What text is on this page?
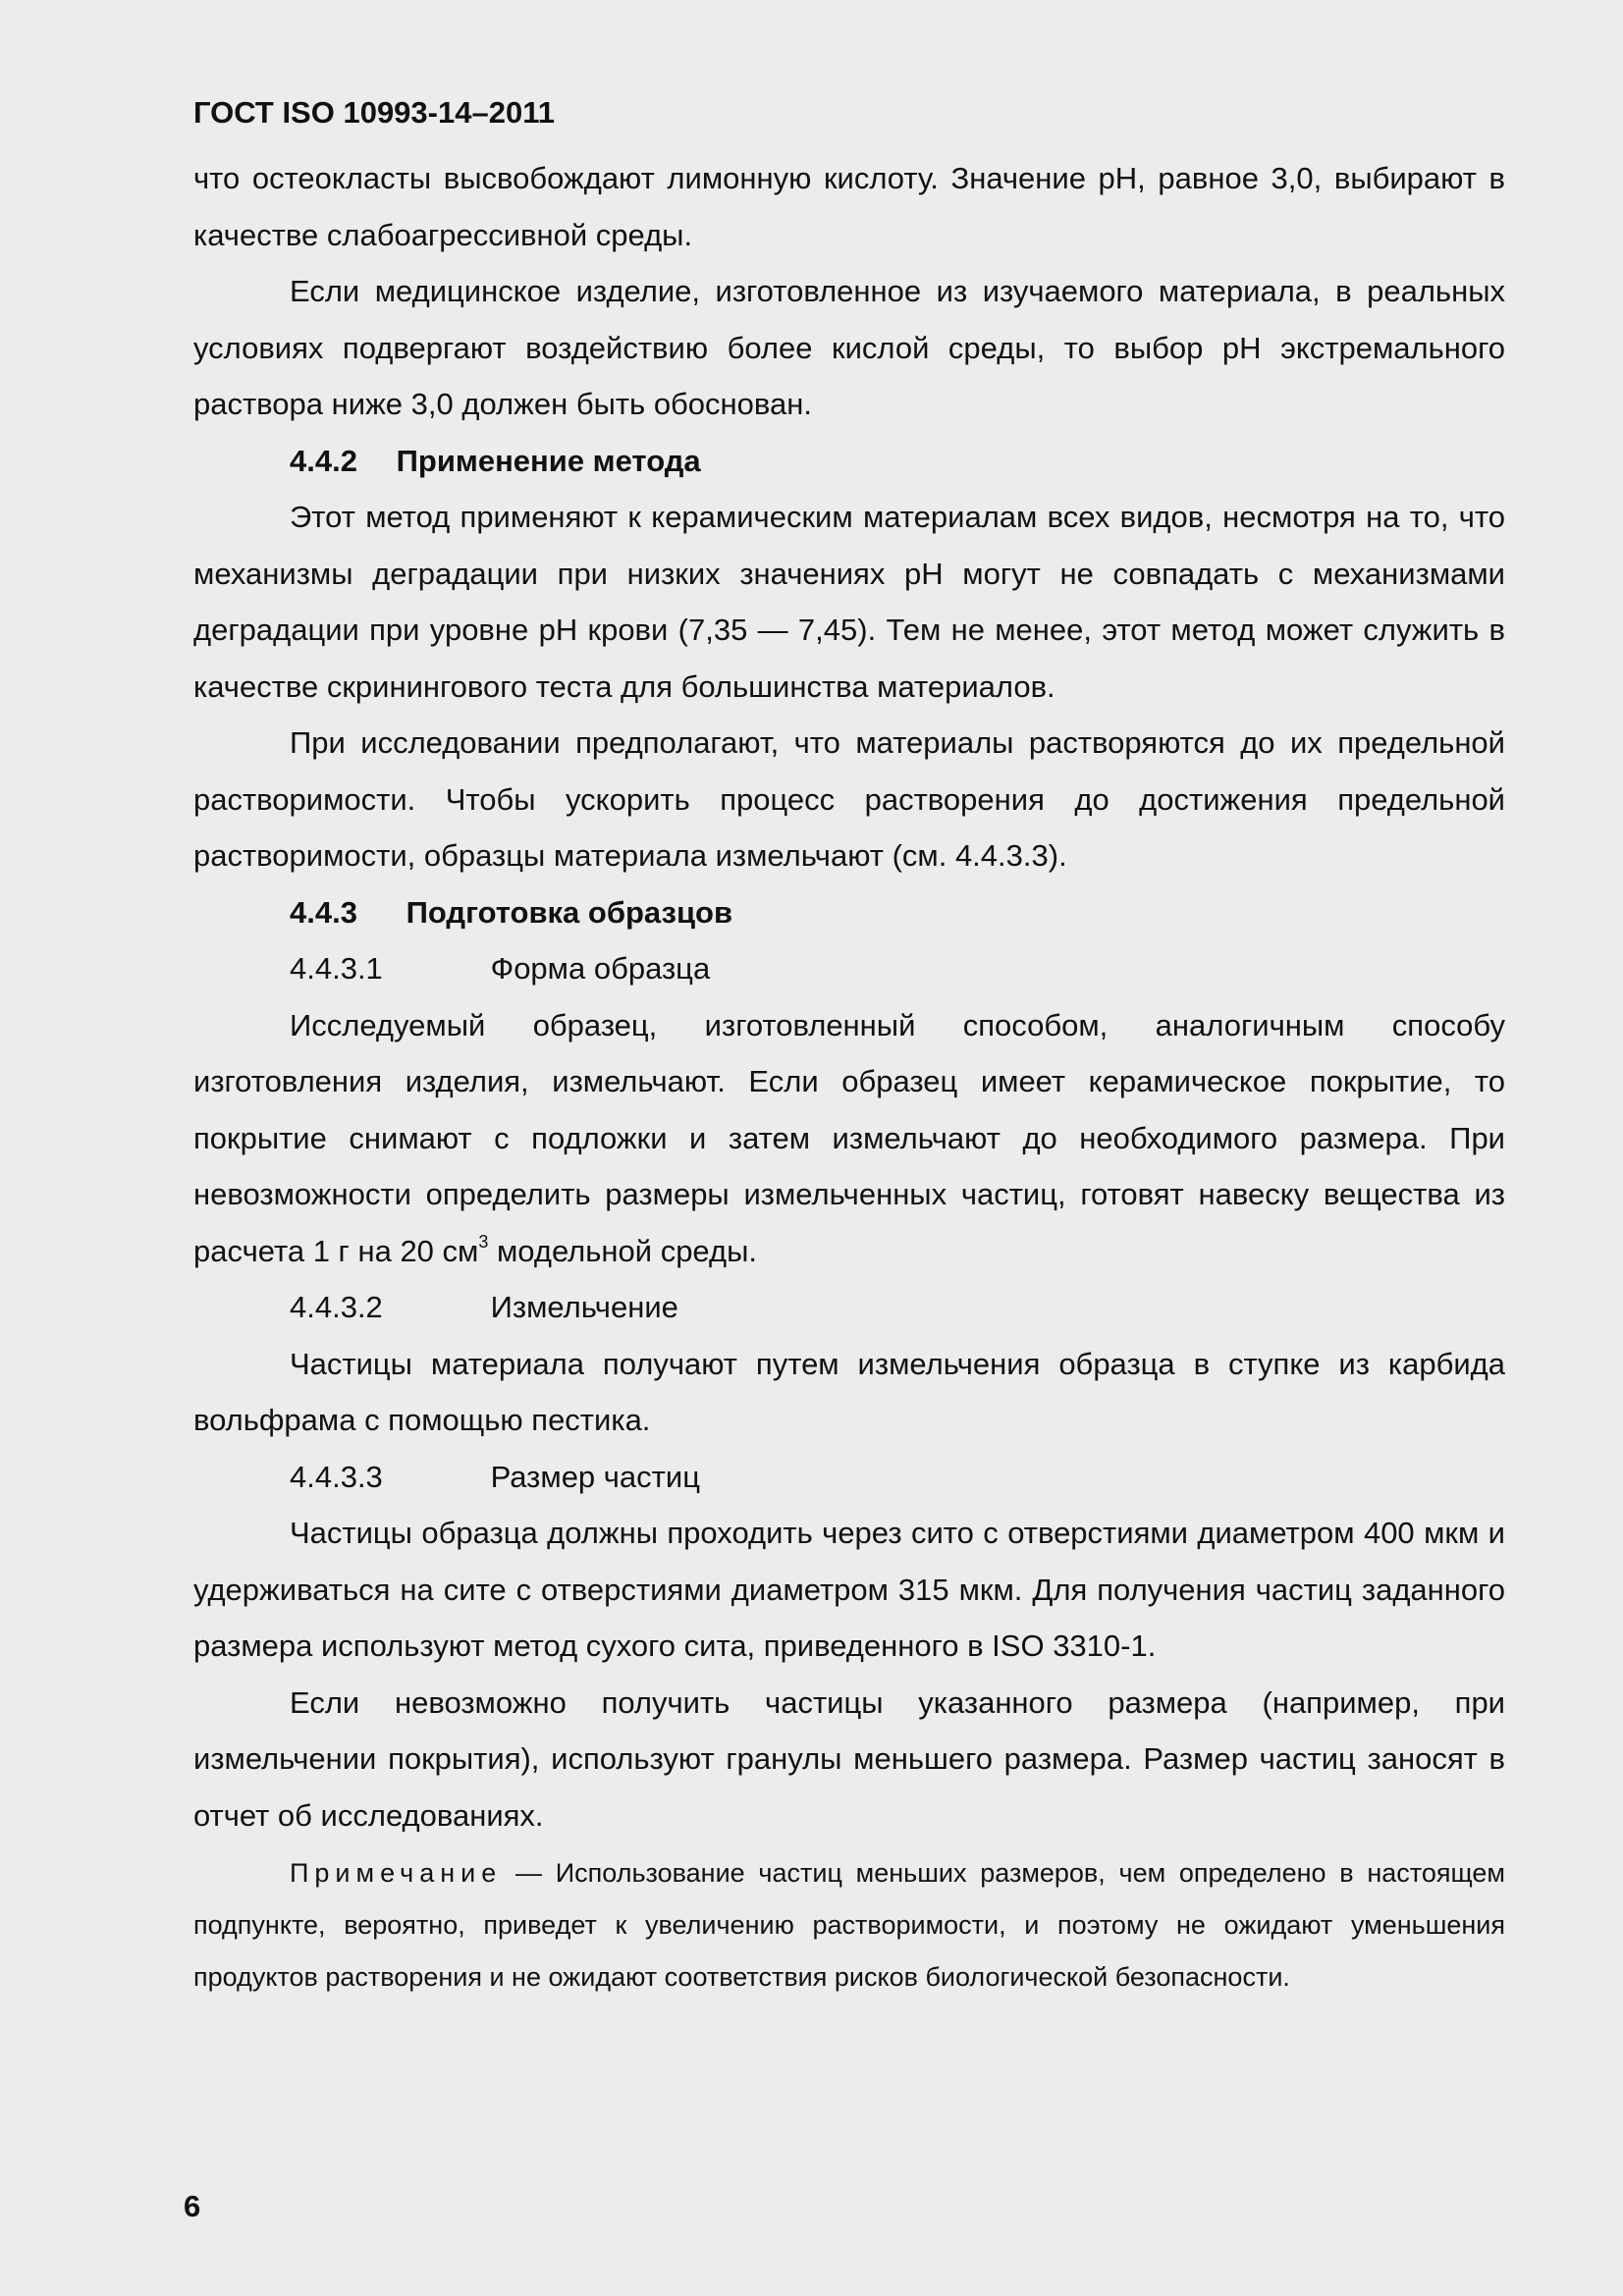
ГОСТ ISO 10993-14–2011

что остеокласты высвобождают лимонную кислоту. Значение pH, равное 3,0, выбирают в качестве слабоагрессивной среды.

Если медицинское изделие, изготовленное из изучаемого материала, в реальных условиях подвергают воздействию более кислой среды, то выбор pH экстремального раствора ниже 3,0 должен быть обоснован.

4.4.2 Применение метода

Этот метод применяют к керамическим материалам всех видов, несмотря на то, что механизмы деградации при низких значениях pH могут не совпадать с механизмами деградации при уровне pH крови (7,35 — 7,45). Тем не менее, этот метод может служить в качестве скринингового теста для большинства материалов.

При исследовании предполагают, что материалы растворяются до их предельной растворимости. Чтобы ускорить процесс растворения до достижения предельной растворимости, образцы материала измельчают (см. 4.4.3.3).

4.4.3 Подготовка образцов
4.4.3.1	Форма образца

Исследуемый образец, изготовленный способом, аналогичным способу изготовления изделия, измельчают. Если образец имеет керамическое покрытие, то покрытие снимают с подложки и затем измельчают до необходимого размера. При невозможности определить размеры измельченных частиц, готовят навеску вещества из расчета 1 г на 20 $см^3$ модельной среды.

4.4.3.2	Измельчение

Частицы материала получают путем измельчения образца в ступке из карбида вольфрама с помощью пестика.

4.4.3.3	Размер частиц

Частицы образца должны проходить через сито с отверстиями диаметром 400 мкм и удерживаться на сите с отверстиями диаметром 315 мкм. Для получения частиц заданного размера используют метод сухого сита, приведенного в ISO 3310-1.

Если невозможно получить частицы указанного размера (например, при измельчении покрытия), используют гранулы меньшего размера. Размер частиц заносят в отчет об исследованиях.

Примечание — Использование частиц меньших размеров, чем определено в настоящем подпункте, вероятно, приведет к увеличению растворимости, и поэтому не ожидают уменьшения продуктов растворения и не ожидают соответствия рисков биологической безопасности.

6
